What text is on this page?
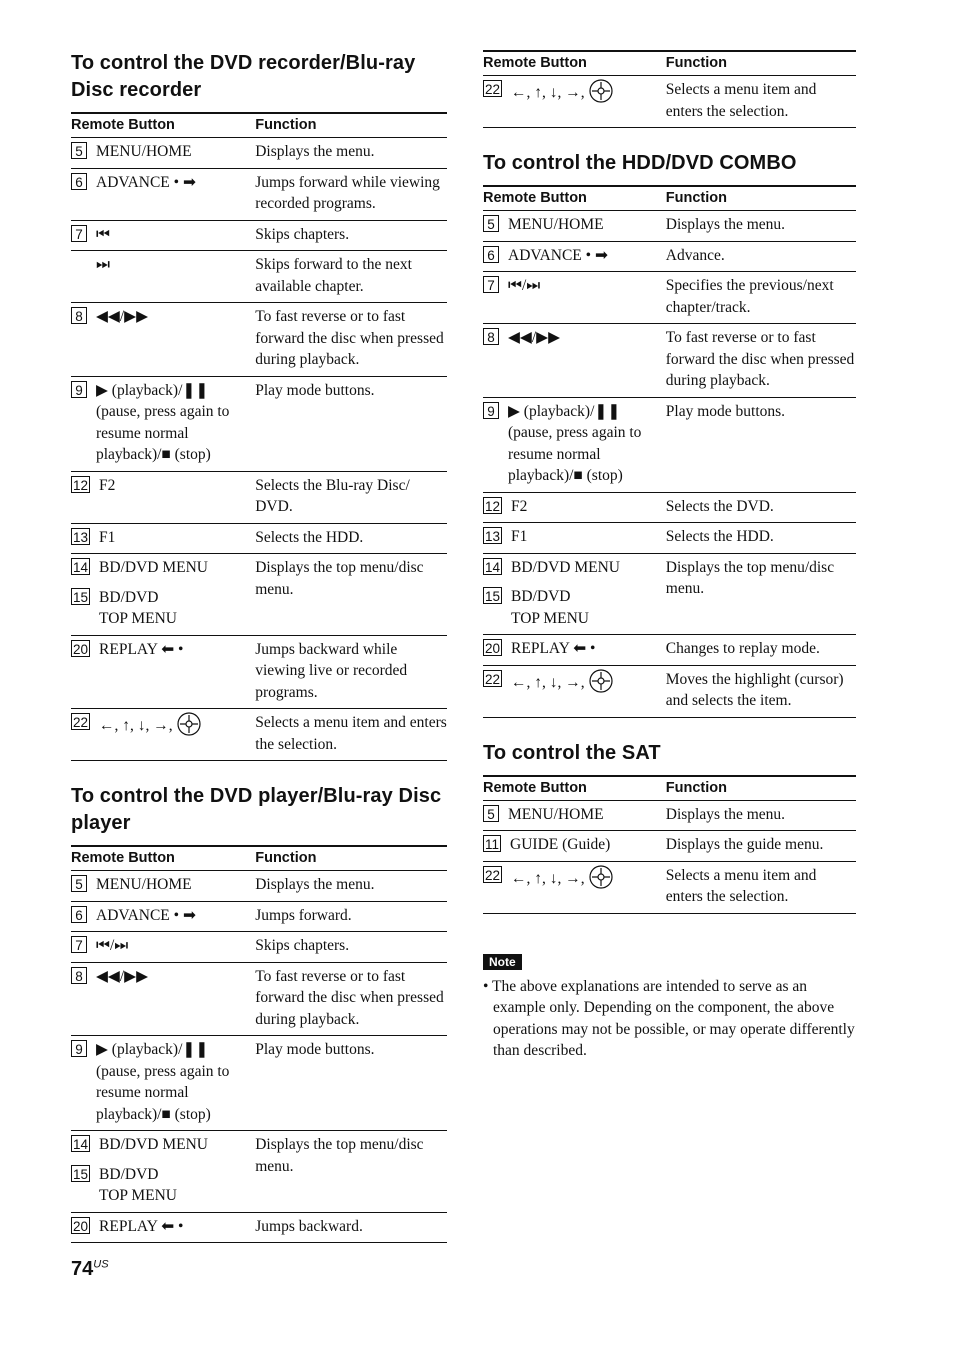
To control the DVD recorder/Blu-ray Disc recorder
Remote Button	Function

5 MENU/HOME	Displays the menu.

6 ADVANCE • ➡	Jumps forward while viewing recorded programs.

7 ⏮	Skips chapters.

⏭	Skips forward to the next available chapter.

8 ◀◀/▶▶	To fast reverse or to fast forward the disc when pressed during playback.

9 ▶ (playback)/❚❚ (pause, press again to resume normal playback)/■ (stop)	Play mode buttons.

12 F2	Selects the Blu-ray Disc/ DVD.

13 F1	Selects the HDD.

14 BD/DVD MENU	Displays the top menu/disc menu.

15 BD/DVD
TOP MENU	

20 REPLAY ⬅ •	Jumps backward while viewing live or recorded programs.

22 ←, ↑, ↓, →,	Selects a menu item and enters the selection.
To control the DVD player/Blu-ray Disc player
Remote Button	Function

5 MENU/HOME	Displays the menu.

6 ADVANCE • ➡	Jumps forward.

7 ⏮/⏭	Skips chapters.

8 ◀◀/▶▶	To fast reverse or to fast forward the disc when pressed during playback.

9 ▶ (playback)/❚❚ (pause, press again to resume normal playback)/■ (stop)	Play mode buttons.

14 BD/DVD MENU	Displays the top menu/disc menu.

15 BD/DVD
TOP MENU	

20 REPLAY ⬅ •	Jumps backward.
Remote Button	Function

22 ←, ↑, ↓, →,	Selects a menu item and enters the selection.
To control the HDD/DVD COMBO
Remote Button	Function

5 MENU/HOME	Displays the menu.

6 ADVANCE • ➡	Advance.

7 ⏮/⏭	Specifies the previous/next chapter/track.

8 ◀◀/▶▶	To fast reverse or to fast forward the disc when pressed during playback.

9 ▶ (playback)/❚❚ (pause, press again to resume normal playback)/■ (stop)	Play mode buttons.

12 F2	Selects the DVD.

13 F1	Selects the HDD.

14 BD/DVD MENU	Displays the top menu/disc menu.

15 BD/DVD
TOP MENU	

20 REPLAY ⬅ •	Changes to replay mode.

22 ←, ↑, ↓, →,	Moves the highlight (cursor) and selects the item.
To control the SAT
Remote Button	Function

5 MENU/HOME	Displays the menu.

11 GUIDE (Guide)	Displays the guide menu.

22 ←, ↑, ↓, →,	Selects a menu item and enters the selection.
Note
• The above explanations are intended to serve as an example only. Depending on the component, the above operations may not be possible, or may operate differently than described.
$74^{US}$
